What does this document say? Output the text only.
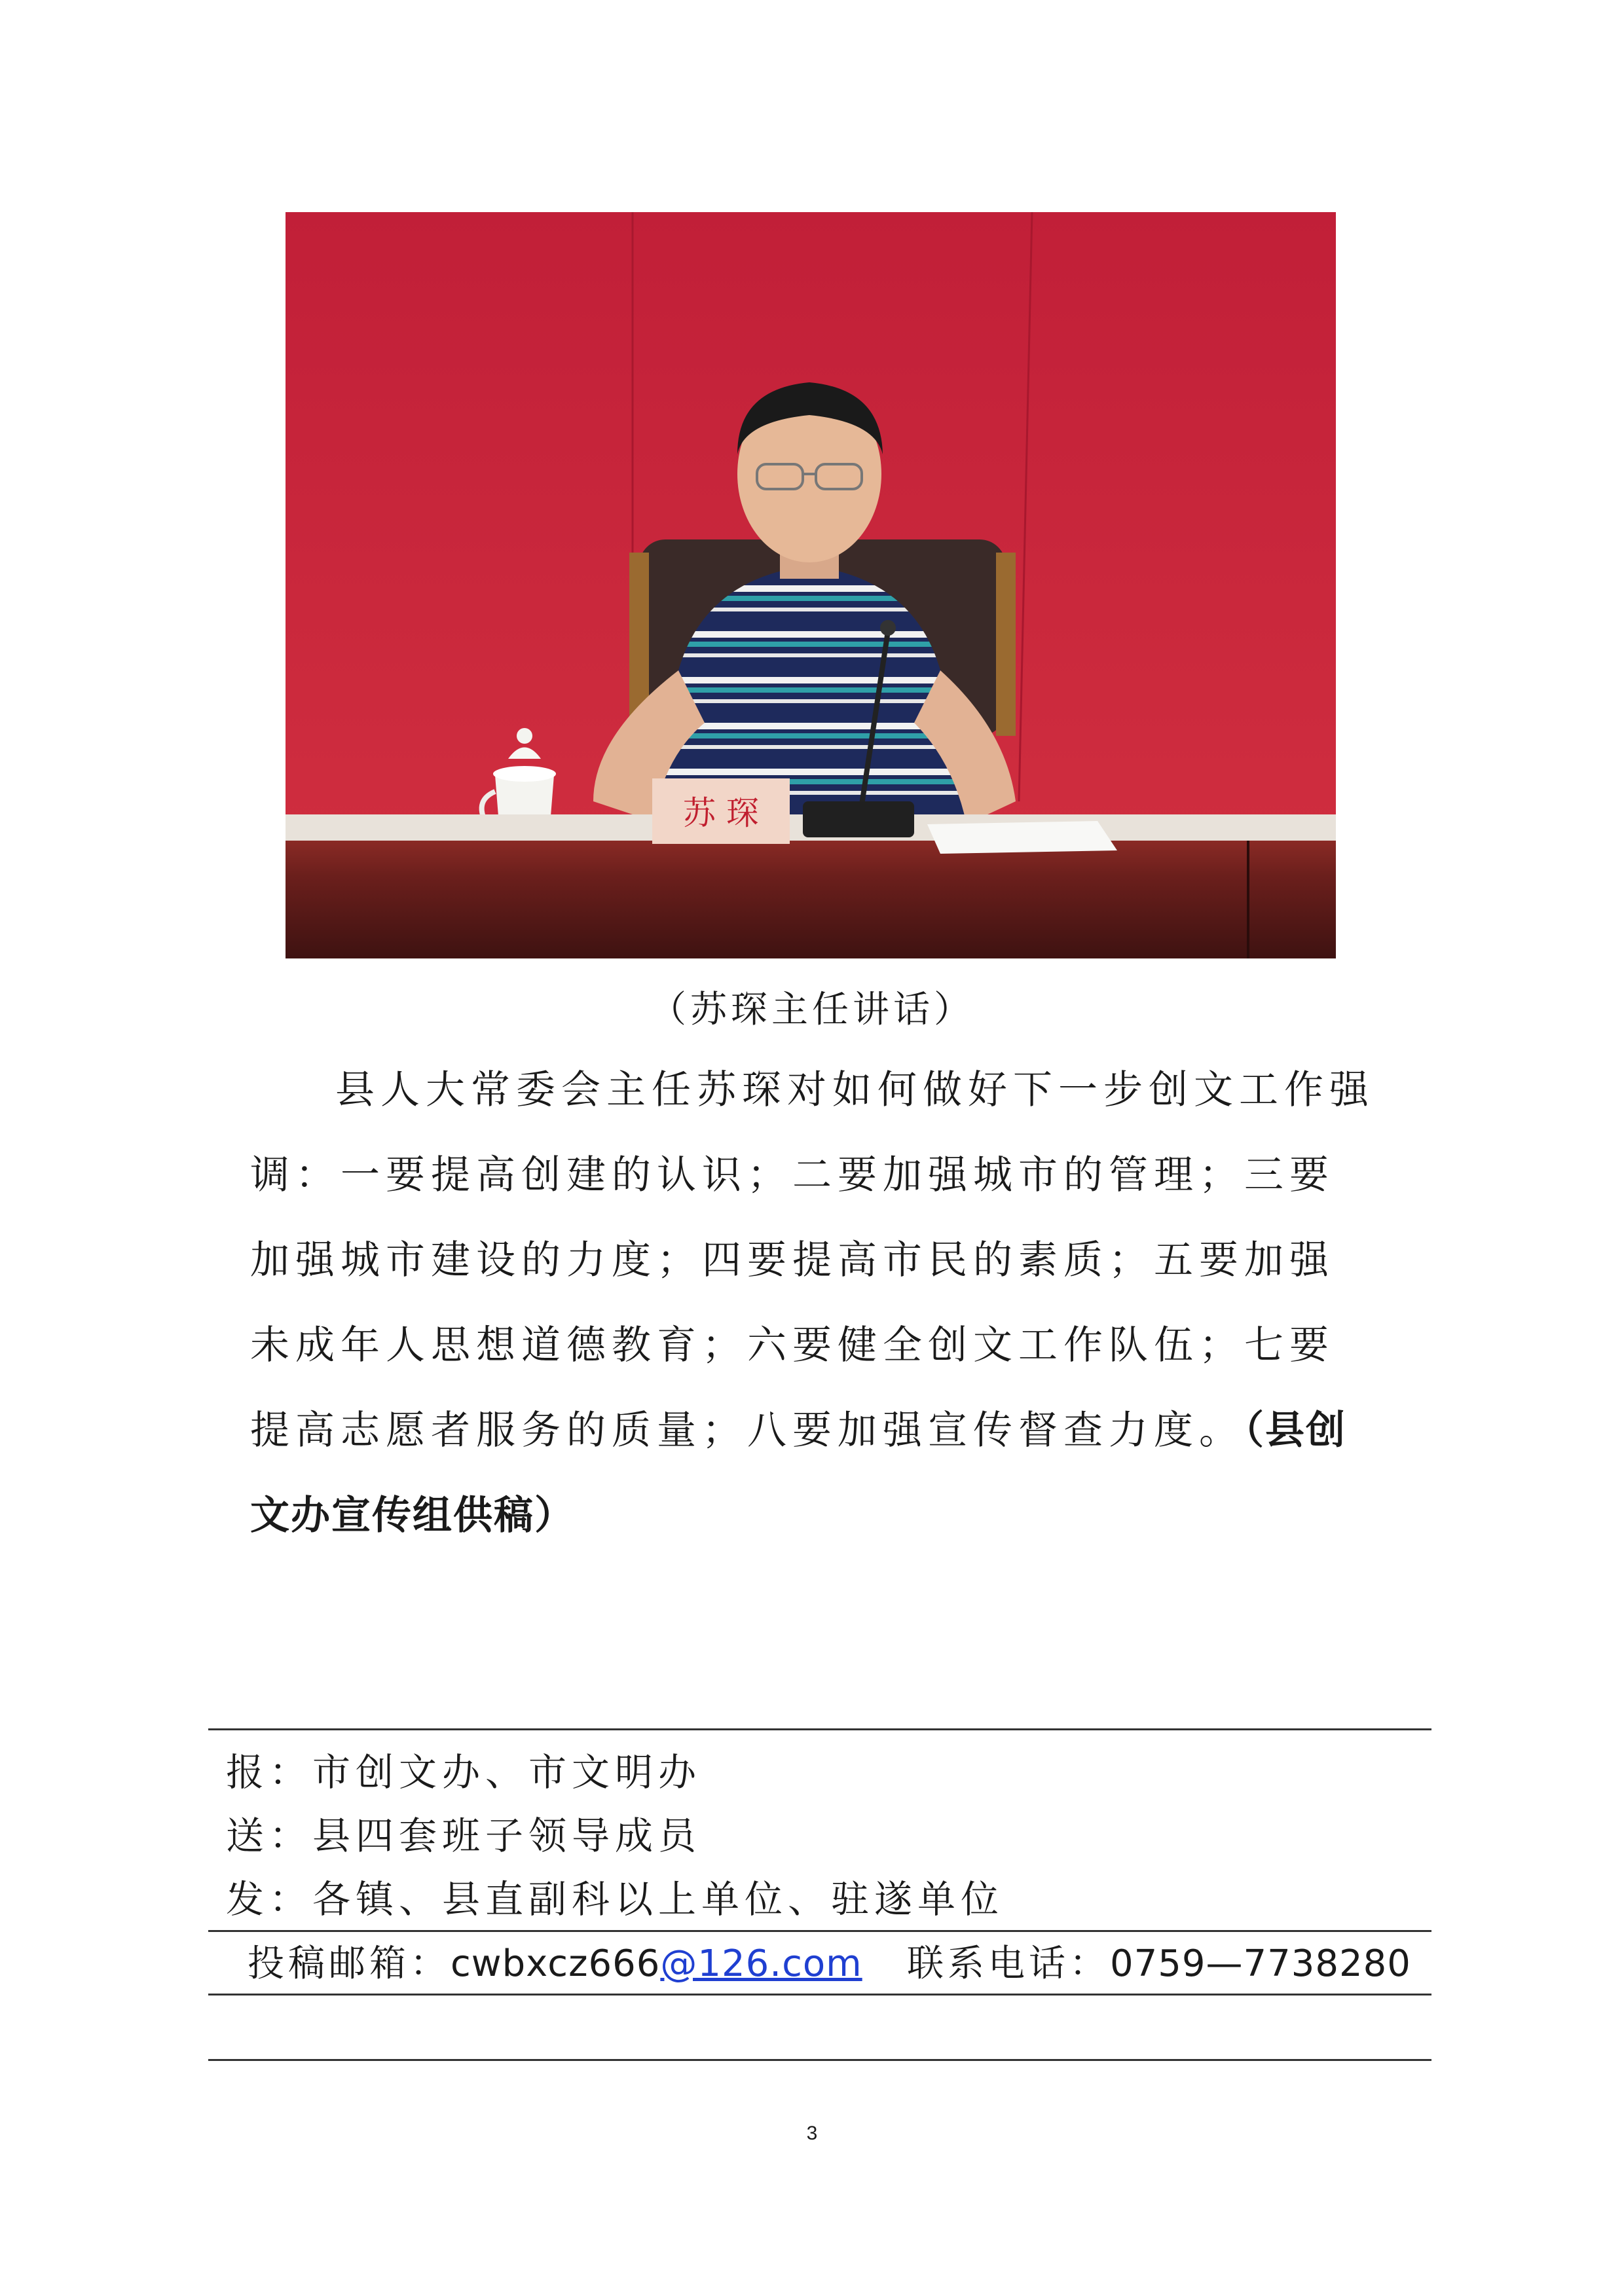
苏 琛
（苏琛主任讲话）

县人大常委会主任苏琛对如何做好下一步创文工作强调：一要提高创建的认识；二要加强城市的管理；三要加强城市建设的力度；四要提高市民的素质；五要加强未成年人思想道德教育；六要健全创文工作队伍；七要提高志愿者服务的质量；八要加强宣传督查力度。（县创文办宣传组供稿）

报：市创文办、市文明办
送：县四套班子领导成员
发：各镇、县直副科以上单位、驻遂单位
投稿邮箱：cwbxcz666@126.com 联系电话：0759—7738280
3
